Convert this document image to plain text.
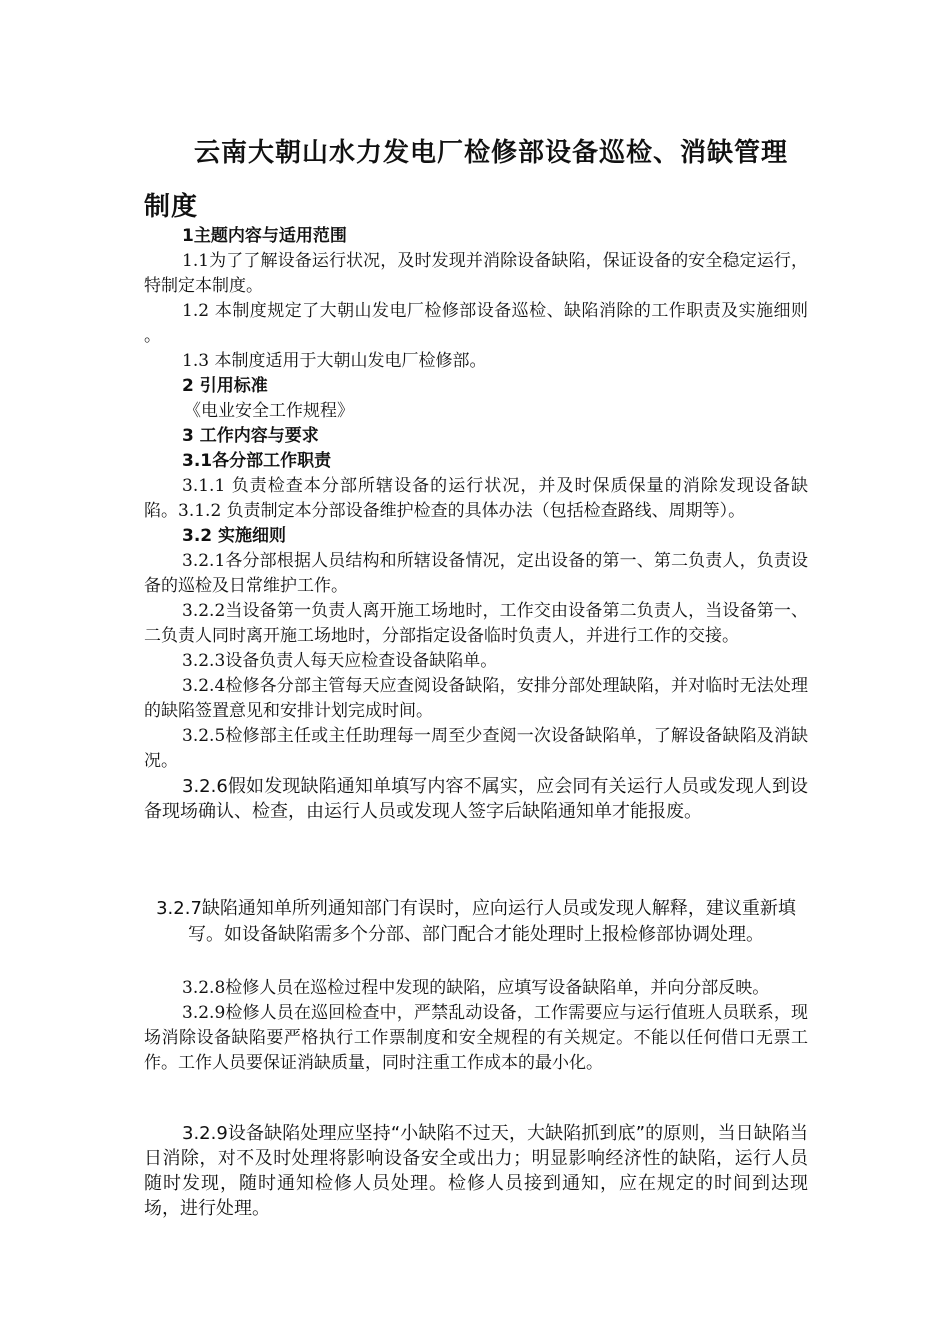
云南大朝山水力发电厂检修部设备巡检、消缺管理制度

1主题内容与适用范围

1.1为了了解设备运行状况，及时发现并消除设备缺陷，保证设备的安全稳定运行，特制定本制度。

1.2 本制度规定了大朝山发电厂检修部设备巡检、缺陷消除的工作职责及实施细则 。

1.3 本制度适用于大朝山发电厂检修部。

2 引用标准

《电业安全工作规程》

3 工作内容与要求

3.1各分部工作职责

3.1.1 负责检查本分部所辖设备的运行状况，并及时保质保量的消除发现设备缺陷。3.1.2 负责制定本分部设备维护检查的具体办法（包括检查路线、周期等）。

3.2 实施细则

3.2.1各分部根据人员结构和所辖设备情况，定出设备的第一、第二负责人，负责设备的巡检及日常维护工作。

3.2.2当设备第一负责人离开施工场地时，工作交由设备第二负责人，当设备第一、二负责人同时离开施工场地时，分部指定设备临时负责人，并进行工作的交接。

3.2.3设备负责人每天应检查设备缺陷单。

3.2.4检修各分部主管每天应查阅设备缺陷，安排分部处理缺陷，并对临时无法处理的缺陷签置意见和安排计划完成时间。

3.2.5检修部主任或主任助理每一周至少查阅一次设备缺陷单，了解设备缺陷及消缺况。

3.2.6假如发现缺陷通知单填写内容不属实，应会同有关运行人员或发现人到设备现场确认、检查，由运行人员或发现人签字后缺陷通知单才能报废。

3.2.7缺陷通知单所列通知部门有误时，应向运行人员或发现人解释，建议重新填写。如设备缺陷需多个分部、部门配合才能处理时上报检修部协调处理。

3.2.8检修人员在巡检过程中发现的缺陷，应填写设备缺陷单，并向分部反映。

3.2.9检修人员在巡回检查中，严禁乱动设备，工作需要应与运行值班人员联系，现场消除设备缺陷要严格执行工作票制度和安全规程的有关规定。不能以任何借口无票工作。工作人员要保证消缺质量，同时注重工作成本的最小化。

3.2.9设备缺陷处理应坚持“小缺陷不过天，大缺陷抓到底”的原则，当日缺陷当日消除，对不及时处理将影响设备安全或出力；明显影响经济性的缺陷，运行人员随时发现，随时通知检修人员处理。检修人员接到通知，应在规定的时间到达现场，进行处理。
